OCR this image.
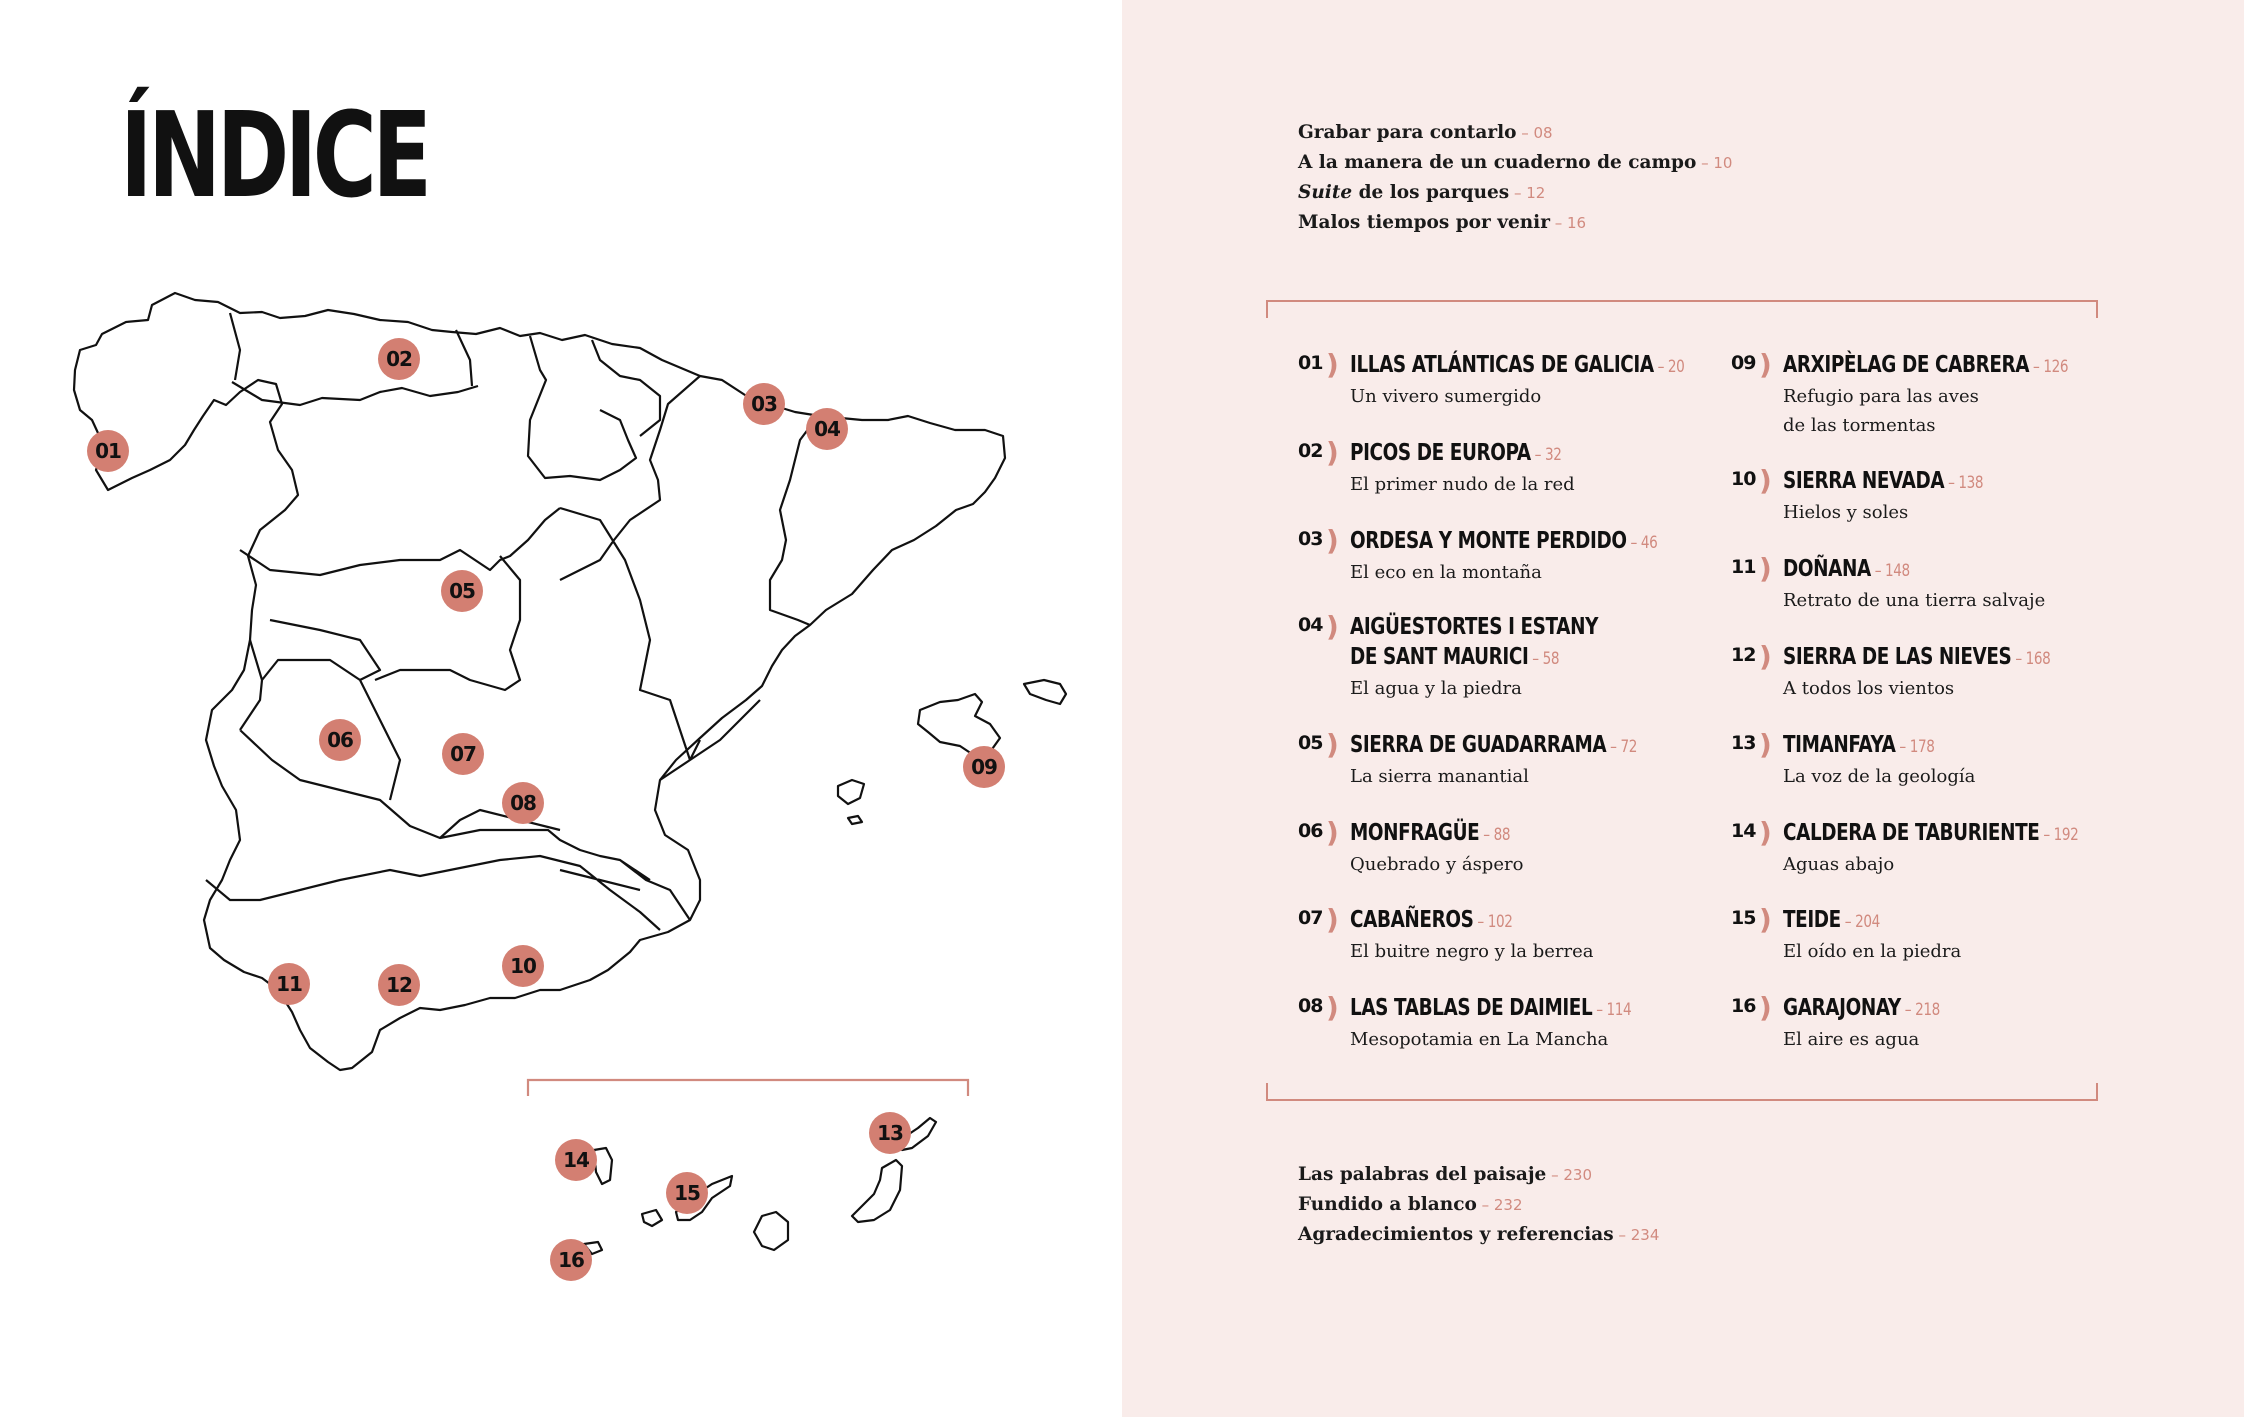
ÍNDICE
01
02
03
04
05
06
07
08
09
10
11	12
13
14
15
16
Grabar para contarlo – 08
A la manera de un cuaderno de campo – 10
Suite de los parques – 12
Malos tiempos por venir – 16
01 ) ILLAS ATLÁNTICAS DE GALICIA – 20
Un vivero sumergido
02 ) PICOS DE EUROPA – 32
El primer nudo de la red
03 ) ORDESA Y MONTE PERDIDO – 46
El eco en la montaña
04 ) AIGÜESTORTES I ESTANY
DE SANT MAURICI – 58
El agua y la piedra
05 ) SIERRA DE GUADARRAMA – 72
La sierra manantial
06 ) MONFRAGÜE – 88
Quebrado y áspero
07 ) CABAÑEROS – 102
El buitre negro y la berrea
08 ) LAS TABLAS DE DAIMIEL – 114
Mesopotamia en La Mancha
09 ) ARXIPÈLAG DE CABRERA – 126
Refugio para las aves
de las tormentas
10 ) SIERRA NEVADA – 138
Hielos y soles
11 ) DOÑANA – 148
Retrato de una tierra salvaje
12 ) SIERRA DE LAS NIEVES – 168
A todos los vientos
13 ) TIMANFAYA – 178
La voz de la geología
14 ) CALDERA DE TABURIENTE – 192
Aguas abajo
15 ) TEIDE – 204
El oído en la piedra
16 ) GARAJONAY – 218
El aire es agua
Las palabras del paisaje – 230
Fundido a blanco – 232
Agradecimientos y referencias – 234
